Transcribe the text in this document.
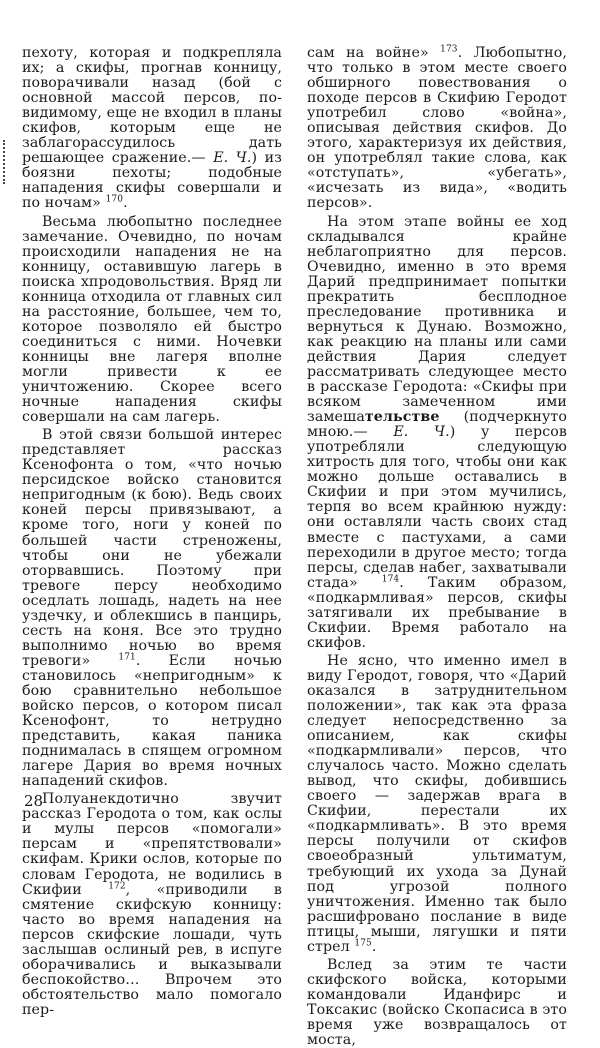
пехоту, которая и подкрепляла их; а скифы, прогнав конницу, поворачивали назад (бой с основной массой персов, по-видимому, еще не входил в планы скифов, которым еще не заблагорассудилось дать решающее сражение.— Е. Ч.) из боязни пехоты; подобные нападения скифы совершали и по ночам» $^{170}$.

Весьма любопытно последнее замечание. Очевидно, по ночам происходили нападения не на конницу, оставившую лагерь в поиска хпродовольствия. Вряд ли конница отходила от главных сил на расстояние, большее, чем то, которое позволяло ей быстро соединиться с ними. Ночевки конницы вне лагеря вполне могли привести к ее уничтожению. Скорее всего ночные нападения скифы совершали на сам лагерь.

В этой связи большой интерес представляет рассказ Ксенофонта о том, «что ночью персидское войско становится непригодным (к бою). Ведь своих коней персы привязывают, а кроме того, ноги у коней по большей части стреножены, чтобы они не убежали оторвавшись. Поэтому при тревоге персу необходимо оседлать лошадь, надеть на нее уздечку, и облекшись в панцирь, сесть на коня. Все это трудно выполнимо ночью во время тревоги» $^{171}$. Если ночью становилось «непригодным» к бою сравнительно небольшое войско персов, о котором писал Ксенофонт, то нетрудно представить, какая паника поднималась в спящем огромном лагере Дария во время ночных нападений скифов.

Полуанекдотично звучит рассказ Геродота о том, как ослы и мулы персов «помогали» персам и «препятствовали» скифам. Крики ослов, которые по словам Геродота, не водились в Скифии $^{172}$, «приводили в смятение скифскую конницу: часто во время нападения на персов скифские лошади, чуть заслышав ослиный рев, в испуге оборачивались и выказывали беспокойство… Впрочем это обстоятельство мало помогало пер-

сам на войне» $^{173}$. Любопытно, что только в этом месте своего обширного повествования о походе персов в Скифию Геродот употребил слово «война», описывая действия скифов. До этого, характеризуя их действия, он употреблял такие слова, как «отступать», «убегать», «исчезать из вида», «водить персов».

На этом этапе войны ее ход складывался крайне неблагоприятно для персов. Очевидно, именно в это время Дарий предпринимает попытки прекратить бесплодное преследование противника и вернуться к Дунаю. Возможно, как реакцию на планы или сами действия Дария следует рассматривать следующее место в рассказе Геродота: «Скифы при всяком замеченном ими замешательстве (подчеркнуто мною.— Е. Ч.) у персов употребляли следующую хитрость для того, чтобы они как можно дольше оставались в Скифии и при этом мучились, терпя во всем крайнюю нужду: они оставляли часть своих стад вместе с пастухами, а сами переходили в другое место; тогда персы, сделав набег, захватывали стада» $^{174}$. Таким образом, «подкармливая» персов, скифы затягивали их пребывание в Скифии. Время работало на скифов.

Не ясно, что именно имел в виду Геродот, говоря, что «Дарий оказался в затруднительном положении», так как эта фраза следует непосредственно за описанием, как скифы «подкармливали» персов, что случалось часто. Можно сделать вывод, что скифы, добившись своего — задержав врага в Скифии, перестали их «подкармливать». В это время персы получили от скифов своеобразный ультиматум, требующий их ухода за Дунай под угрозой полного уничтожения. Именно так было расшифровано послание в виде птицы, мыши, лягушки и пяти стрел $^{175}$.

Вслед за этим те части скифского войска, которыми командовали Иданфирс и Токсакис (войско Скопасиса в это время уже возвращалось от моста,

28
